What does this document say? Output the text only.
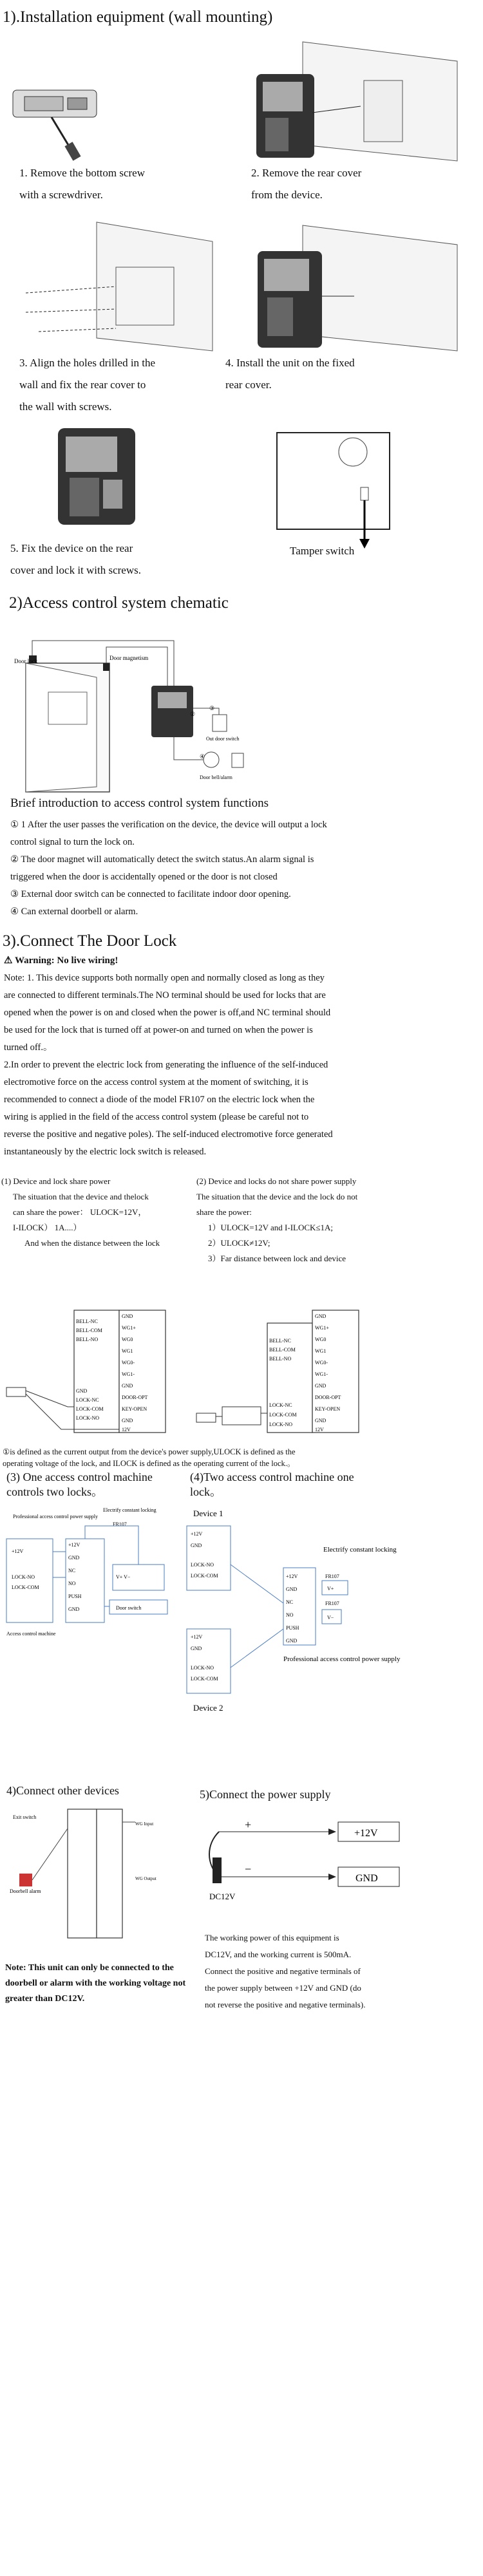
1).Installation equipment (wall mounting)
1. Remove the bottom screw
with a screwdriver.
2. Remove the rear cover
from the device.
3. Align the holes drilled in the
wall and fix the rear cover to
the wall with screws.
4. Install the unit on the fixed
rear cover.
5. Fix the device on the rear
cover and lock it with screws.
Tamper switch
2)Access control system chematic
Door lock	Door magnetism
Out door switch
Door bell/alarm
②
③
④
Brief introduction to access control system functions
① 1 After the user passes the verification on the device, the device will output a lock
control signal to turn the lock on.
② The door magnet will automatically detect the switch status.An alarm signal is
triggered when the door is accidentally opened or the door is not closed
③ External door switch can be connected to facilitate indoor door opening.
④ Can external doorbell or alarm.
3).Connect The Door Lock
⚠ Warning: No live wiring!
Note: 1. This device supports both normally open and normally closed as long as they
are connected to different terminals.The NO terminal should be used for locks that are
opened when the power is on and closed when the power is off,and NC terminal should
be used for the lock that is turned off at power-on and turned on when the power is
turned off.。
2.In order to prevent the electric lock from generating the influence of the self-induced
electromotive force on the access control system at the moment of switching, it is
recommended to connect a diode of the model FR107 on the electric lock when the
wiring is applied in the field of the access control system (please be careful not to
reverse the positive and negative poles). The self-induced electromotive force generated
instantaneously by the electric lock switch is released.
(1) Device and lock share power
The situation that the device and thelock
can share the power： ULOCK=12V，
I-ILOCK） 1A....）
And when the distance between the lock
(2) Device and locks do not share power supply
The situation that the device and the lock do not
share the power:
1）ULOCK=12V and I-ILOCK≤1A;
2）ULOCK≠12V;
3）Far distance between lock and device
BELL-NC
BELL-COM
BELL-NO
GND
LOCK-NC
LOCK-COM
LOCK-NO
GND
WG1+
WG0
WG1
WG0-
WG1-
GND
DOOR-OPT
KEY-OPEN
GND
12V
BELL-NC
BELL-COM
BELL-NO
LOCK-NC
LOCK-COM
LOCK-NO
GND
WG1+
WG0
WG1
WG0-
WG1-
GND
DOOR-OPT
KEY-OPEN
GND
12V
①is defined as the current output from the device's power supply,ULOCK is defined as the
operating voltage of the lock, and ILOCK is defined as the operating current of the lock.。
(3) One access control machine
controls two locks。
(4)Two access control machine one
lock。
+12V
LOCK-NO
LOCK-COM
+12V
GND
NC
NO
PUSH
GND	Door switch
V+ V−
Professional access control power supply
Electrify constant locking
FR107
Access control machine
Device 1
+12V
GND
LOCK-NO
LOCK-COM
+12V
GND
LOCK-NO
LOCK-COM
+12V
GND
NC
NO
PUSH
GND
FR107
FR107
V+
V−
Electrify constant locking
Professional access control power supply
Device 2
4)Connect other devices
Doorbell alarm
Exit switch
WG Input
WG Output
Note: This unit can only be connected to the
doorbell or alarm with the working voltage not
greater than DC12V.
5)Connect the power supply
+
−
+12V
GND
DC12V
The working power of this equipment is
DC12V, and the working current is 500mA.
Connect the positive and negative terminals of
the power supply between +12V and GND (do
not reverse the positive and negative terminals).
